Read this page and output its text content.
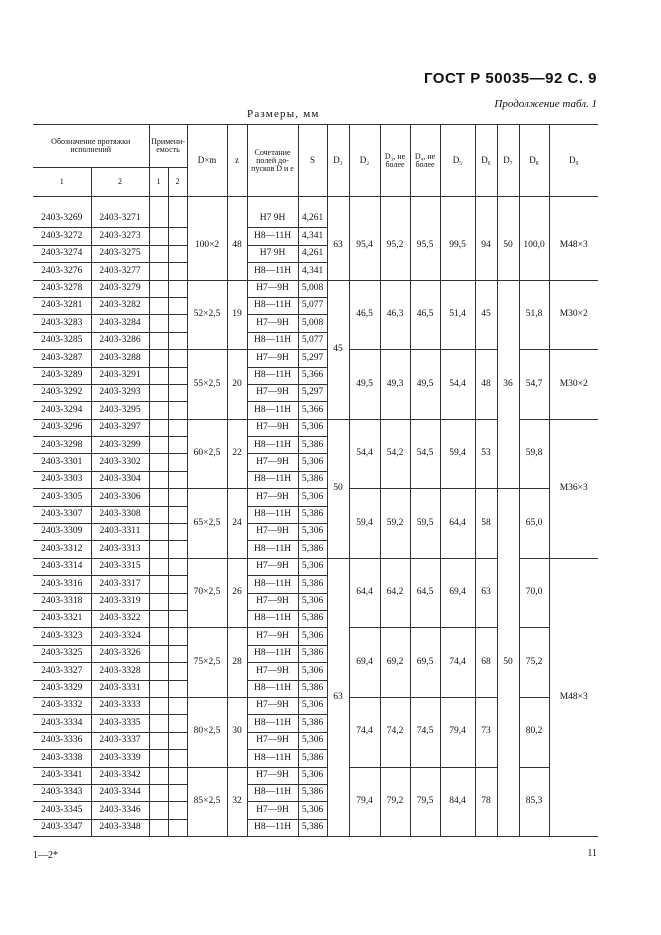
ГОСТ Р 50035—92 С. 9
Продолжение табл. 1
Размеры, мм
Обозначение протяжки исполнений		Примени- емость		D×m	z	Сочетание полей до- пусков D и e	S	D₁	D₂	D₃, не более	D₄, не более	D₅	D₆	D₇	D₈	D₉
1	2	1	2													
2403-3269	2403-3271			100×2	48	H7 9H	4,261	63	95,4	95,2	95,5	99,5	94	50	100,0	M48×3
2403-3272	2403-3273					H8—11H	4,341									
2403-3274	2403-3275					H7 9H	4,261									
2403-3276	2403-3277					H8—11H	4,341									
2403-3278	2403-3279			52×2,5	19	H7—9H	5,008	45	46,5	46,3	46,5	51,4	45	36	51,8	M30×2
2403-3281	2403-3282					H8—11H	5,077									
2403-3283	2403-3284					H7—9H	5,008									
2403-3285	2403-3286					H8—11H	5,077									
2403-3287	2403-3288			55×2,5	20	H7—9H	5,297		49,5	49,3	49,5	54,4	48		54,7	M30×2
2403-3289	2403-3291					H8—11H	5,366									
2403-3292	2403-3293					H7—9H	5,297									
2403-3294	2403-3295					H8—11H	5,366									
2403-3296	2403-3297			60×2,5	22	H7—9H	5,306	50	54,4	54,2	54,5	59,4	53		59,8	M36×3
2403-3298	2403-3299					H8—11H	5,386									
2403-3301	2403-3302					H7—9H	5,306									
2403-3303	2403-3304					H8—11H	5,386									
2403-3305	2403-3306			65×2,5	24	H7—9H	5,306		59,4	59,2	59,5	64,4	58	50	65,0	
2403-3307	2403-3308					H8—11H	5,386									
2403-3309	2403-3311					H7—9H	5,306									
2403-3312	2403-3313					H8—11H	5,386									
2403-3314	2403-3315			70×2,5	26	H7—9H	5,306	63	64,4	64,2	64,5	69,4	63		70,0	M48×3
2403-3316	2403-3317					H8—11H	5,386									
2403-3318	2403-3319					H7—9H	5,306									
2403-3321	2403-3322					H8—11H	5,386									
2403-3323	2403-3324			75×2,5	28	H7—9H	5,306		69,4	69,2	69,5	74,4	68		75,2	
2403-3325	2403-3326					H8—11H	5,386									
2403-3327	2403-3328					H7—9H	5,306									
2403-3329	2403-3331					H8—11H	5,386									
2403-3332	2403-3333			80×2,5	30	H7—9H	5,306		74,4	74,2	74,5	79,4	73		80,2	
2403-3334	2403-3335					H8—11H	5,386									
2403-3336	2403-3337					H7—9H	5,306									
2403-3338	2403-3339					H8—11H	5,386									
2403-3341	2403-3342			85×2,5	32	H7—9H	5,306		79,4	79,2	79,5	84,4	78		85,3	
2403-3343	2403-3344					H8—11H	5,386									
2403-3345	2403-3346					H7—9H	5,306									
2403-3347	2403-3348					H8—11H	5,386									
1—2*	11
